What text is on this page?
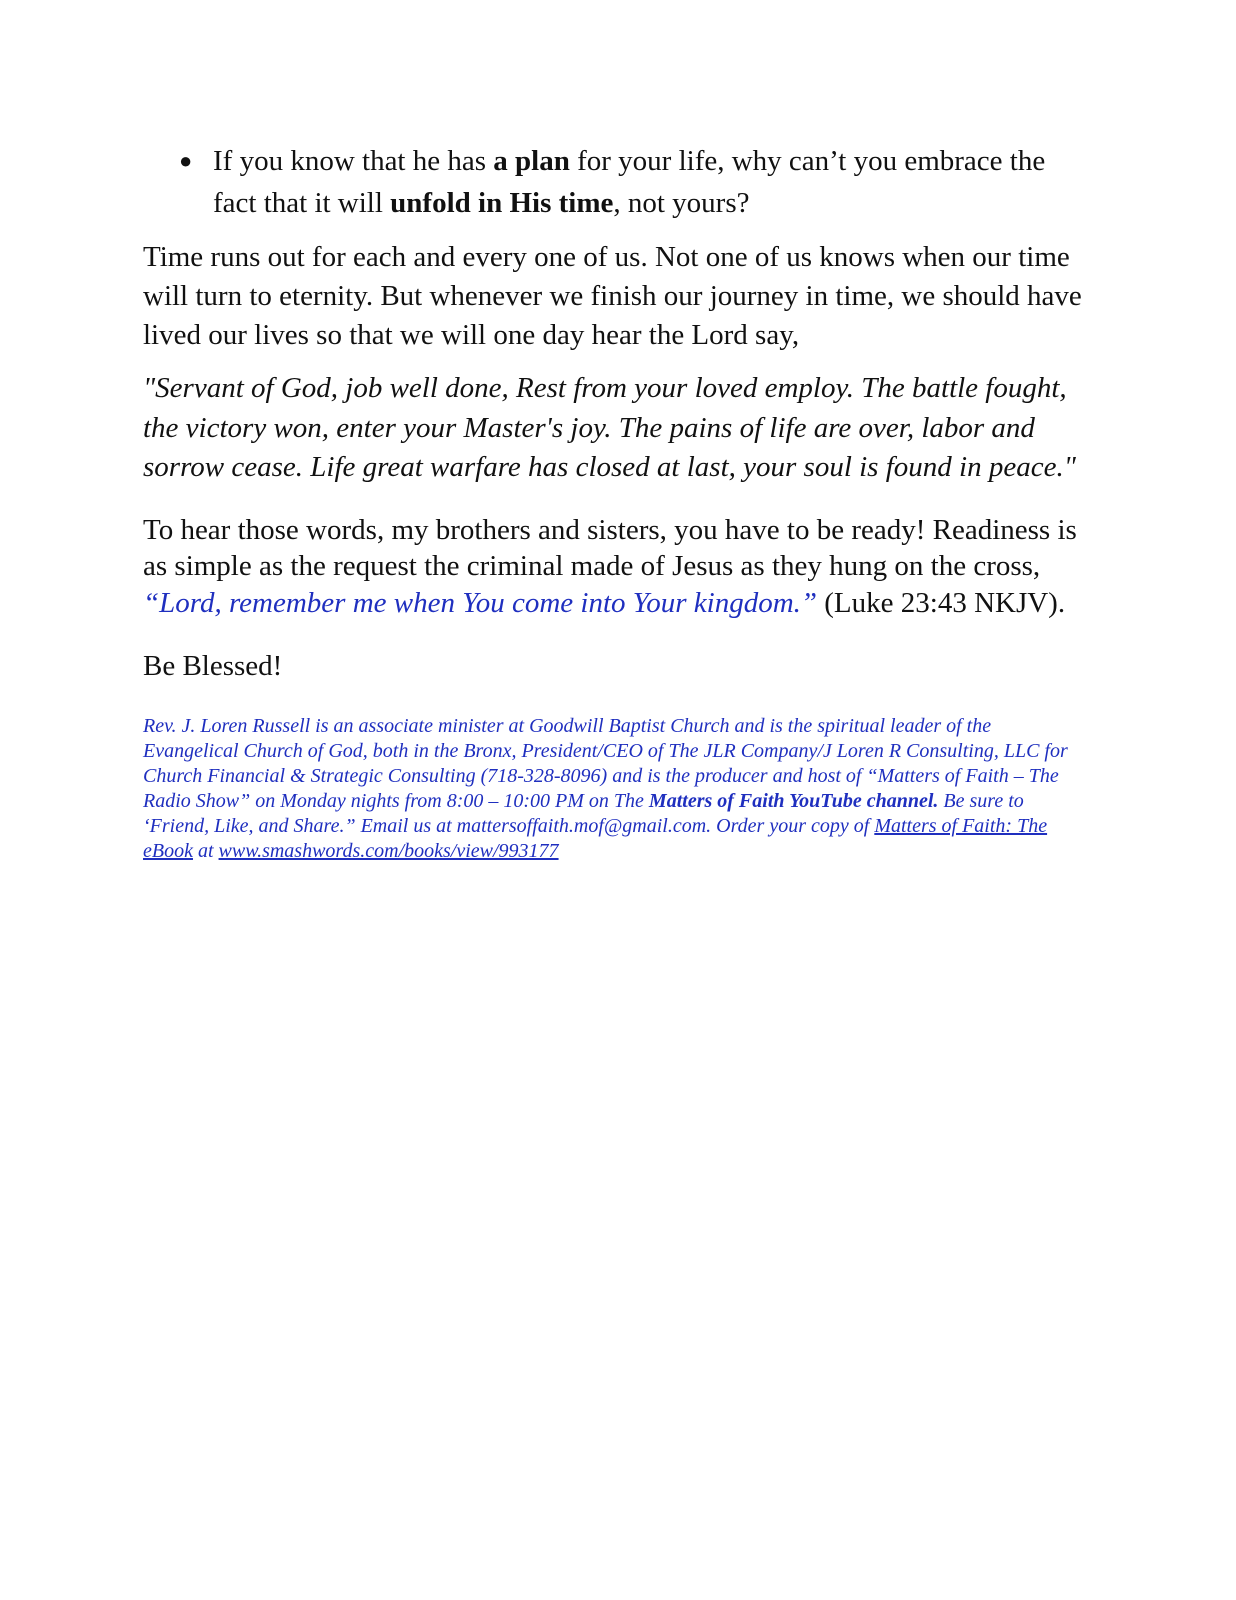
● If you know that he has a plan for your life, why can’t you embrace the fact that it will unfold in His time, not yours?

Time runs out for each and every one of us. Not one of us knows when our time will turn to eternity. But whenever we finish our journey in time, we should have lived our lives so that we will one day hear the Lord say,

"Servant of God, job well done, Rest from your loved employ. The battle fought, the victory won, enter your Master's joy. The pains of life are over, labor and sorrow cease. Life great warfare has closed at last, your soul is found in peace."

To hear those words, my brothers and sisters, you have to be ready! Readiness is as simple as the request the criminal made of Jesus as they hung on the cross, “Lord, remember me when You come into Your kingdom.” (Luke 23:43 NKJV).

Be Blessed!

Rev. J. Loren Russell is an associate minister at Goodwill Baptist Church and is the spiritual leader of the Evangelical Church of God, both in the Bronx, President/CEO of The JLR Company/J Loren R Consulting, LLC for Church Financial & Strategic Consulting (718-328-8096) and is the producer and host of “Matters of Faith – The Radio Show” on Monday nights from 8:00 – 10:00 PM on The Matters of Faith YouTube channel. Be sure to ‘Friend, Like, and Share.” Email us at mattersoffaith.mof@gmail.com. Order your copy of Matters of Faith: The eBook at www.smashwords.com/books/view/993177
